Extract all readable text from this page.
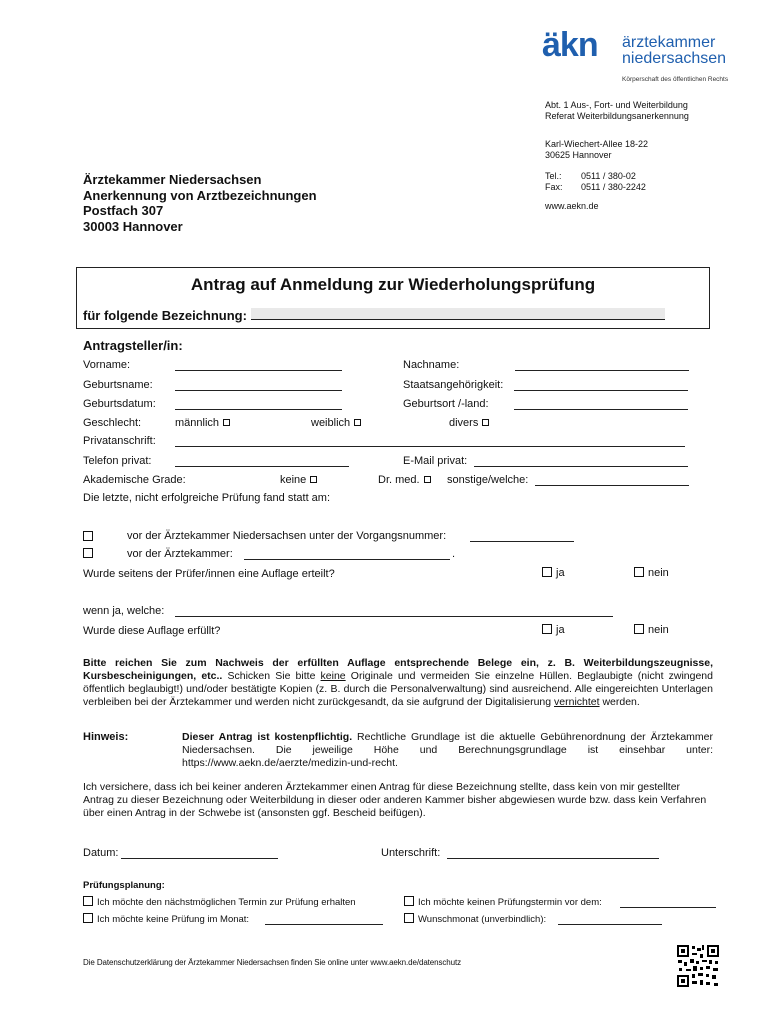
äkn ärztekammer
niedersachsen
Körperschaft des öffentlichen Rechts
Abt. 1 Aus-, Fort- und Weiterbildung
Referat Weiterbildungsanerkennung
Karl-Wiechert-Allee 18-22
30625 Hannover
Tel.: 0511 / 380-02
Fax: 0511 / 380-2242
www.aekn.de
Ärztekammer Niedersachsen
Anerkennung von Arztbezeichnungen
Postfach 307
30003 Hannover
Antrag auf Anmeldung zur Wiederholungsprüfung
für folgende Bezeichnung:
Antragsteller/in:
Vorname:	Nachname:
Geburtsname:	Staatsangehörigkeit:
Geburtsdatum:	Geburtsort /-land:
Geschlecht:	männlich	weiblich	divers
Privatanschrift:
Telefon privat:	E-Mail privat:
Akademische Grade:	keine	Dr. med.	sonstige/welche:
Die letzte, nicht erfolgreiche Prüfung fand statt am:
vor der Ärztekammer Niedersachsen unter der Vorgangsnummer:
vor der Ärztekammer:	.
Wurde seitens der Prüfer/innen eine Auflage erteilt?	ja	nein
wenn ja, welche:
Wurde diese Auflage erfüllt?	ja	nein
Bitte reichen Sie zum Nachweis der erfüllten Auflage entsprechende Belege ein, z. B. Weiterbildungszeugnisse, Kursbescheinigungen, etc.. Schicken Sie bitte keine Originale und vermeiden Sie einzelne Hüllen. Beglaubigte (nicht zwingend öffentlich beglaubigt!) und/oder bestätigte Kopien (z. B. durch die Personalverwaltung) sind ausreichend. Alle eingereichten Unterlagen verbleiben bei der Ärztekammer und werden nicht zurückgesandt, da sie aufgrund der Digitalisierung vernichtet werden.
Hinweis:	Dieser Antrag ist kostenpflichtig. Rechtliche Grundlage ist die aktuelle Gebührenordnung der Ärztekammer Niedersachsen. Die jeweilige Höhe und Berechnungsgrundlage ist einsehbar unter: https://www.aekn.de/aerzte/medizin-und-recht.
Ich versichere, dass ich bei keiner anderen Ärztekammer einen Antrag für diese Bezeichnung stellte, dass kein von mir gestellter Antrag zu dieser Bezeichnung oder Weiterbildung in dieser oder anderen Kammer bisher abgewiesen wurde bzw. dass kein Verfahren über einen Antrag in der Schwebe ist (ansonsten ggf. Bescheid beifügen).
Datum:	Unterschrift:
Prüfungsplanung:
Ich möchte den nächstmöglichen Termin zur Prüfung erhalten	Ich möchte keinen Prüfungstermin vor dem:
Ich möchte keine Prüfung im Monat:	Wunschmonat (unverbindlich):
Die Datenschutzerklärung der Ärztekammer Niedersachsen finden Sie online unter www.aekn.de/datenschutz
